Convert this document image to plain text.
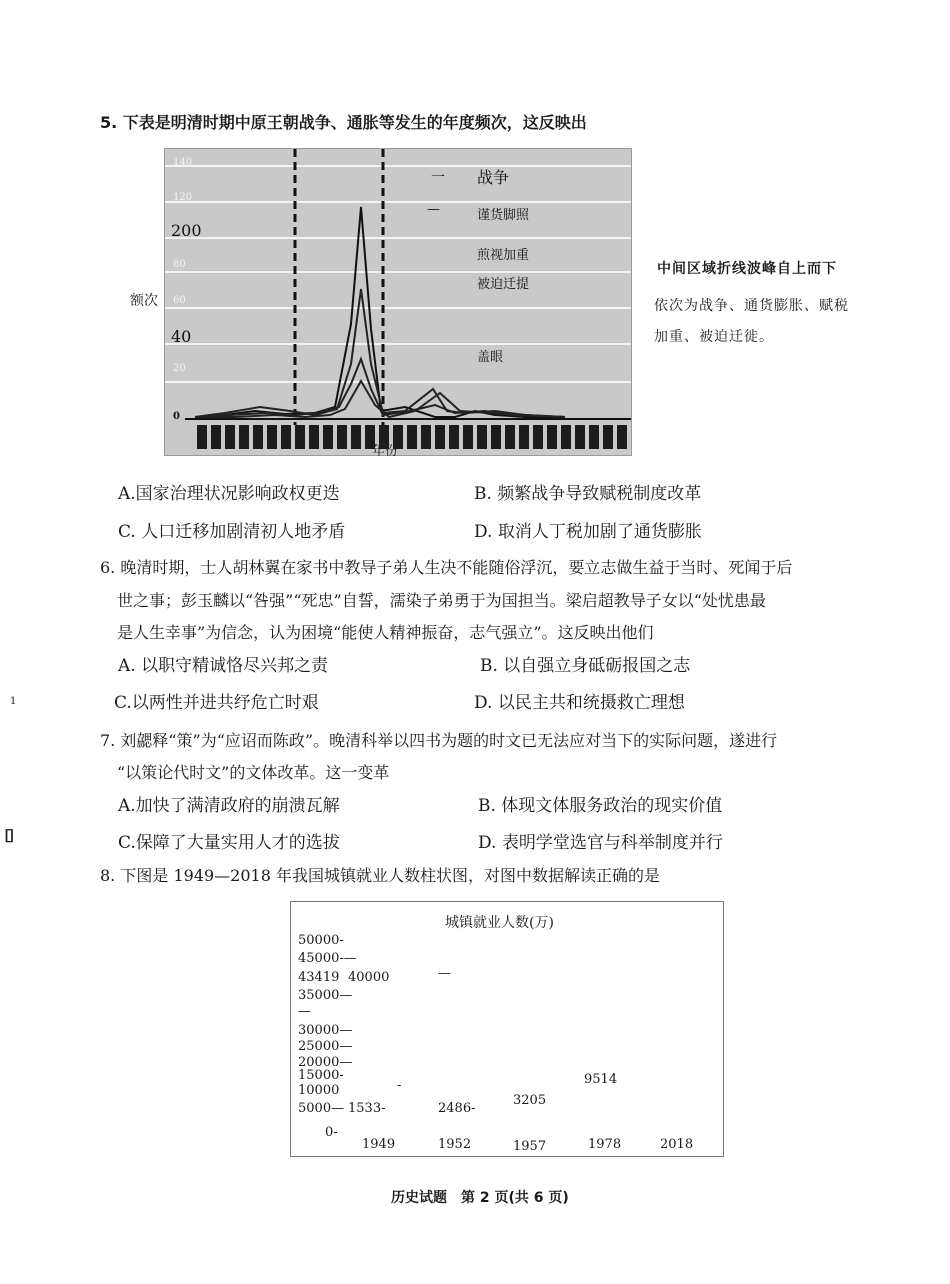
5. 下表是明清时期中原王朝战争、通胀等发生的年度频次，这反映出
额次
140
120
200
80
60
40
20
0
一 战争
—	谨货脚照
煎视加重
被迫迁提
盖眼
年份
中间区域折线波峰自上而下
依次为战争、通货膨胀、赋税
加重、被迫迁徙。
A.国家治理状况影响政权更迭	B. 频繁战争导致赋税制度改革
C. 人口迁移加剧清初人地矛盾	D. 取消人丁税加剧了通货膨胀
6. 晚清时期，士人胡林翼在家书中教导子弟人生决不能随俗浮沉，要立志做生益于当时、死闻于后
世之事；彭玉麟以“咎强”“死忠”自誓，濡染子弟勇于为国担当。梁启超教导子女以“处忧患最
是人生幸事”为信念，认为困境“能使人精神振奋，志气强立”。这反映出他们
A. 以职守精诚恪尽兴邦之责	B. 以自强立身砥砺报国之志
C.以两性并进共纾危亡时艰	D. 以民主共和统摄救亡理想
1
⌷
7. 刘勰释“策”为“应诏而陈政”。晚清科举以四书为题的时文已无法应对当下的实际问题，遂进行
“以策论代时文”的文体改革。这一变革
A.加快了满清政府的崩溃瓦解	B. 体现文体服务政治的现实价值
C.保障了大量实用人才的选拔	D. 表明学堂选官与科举制度并行
8. 下图是 1949—2018 年我国城镇就业人数柱状图，对图中数据解读正确的是
城镇就业人数(万)
50000-
45000-—
43419 40000	—
35000—
—
30000—
25000—
20000—
15000-
10000	-	9514
5000— 1533-	2486-
3205
0-
1949	1952	1957	1978	2018
历史试题　第 2 页(共 6 页)
